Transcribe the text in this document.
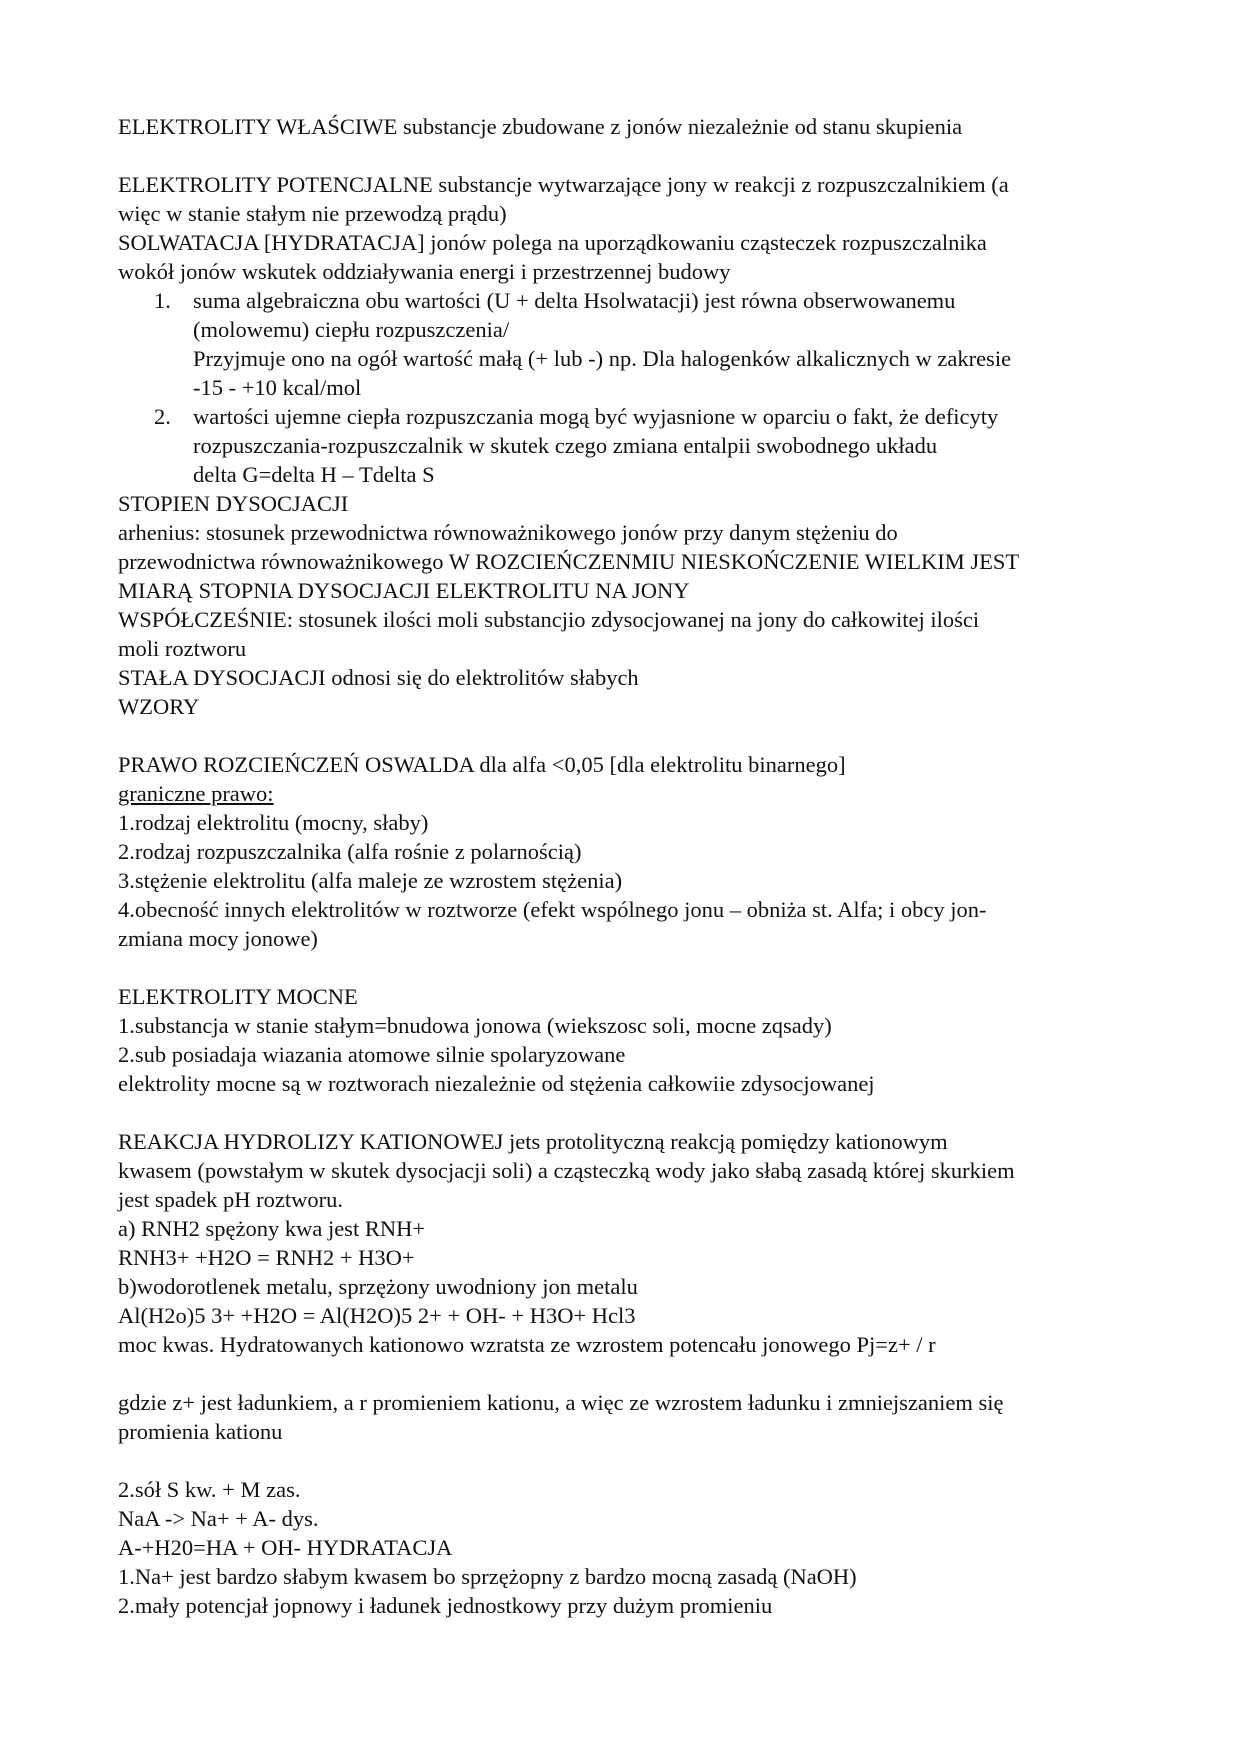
ELEKTROLITY WŁAŚCIWE substancje zbudowane z jonów niezależnie od stanu skupienia
ELEKTROLITY POTENCJALNE substancje wytwarzające jony w reakcji z rozpuszczalnikiem (a
więc w stanie stałym nie przewodzą prądu)
SOLWATACJA [HYDRATACJA] jonów polega na uporządkowaniu cząsteczek rozpuszczalnika
wokół jonów wskutek oddziaływania energi i przestrzennej budowy
1. suma algebraiczna obu wartości (U + delta Hsolwatacji) jest równa obserwowanemu
(molowemu) ciepłu rozpuszczenia/
Przyjmuje ono na ogół wartość małą (+ lub -) np. Dla halogenków alkalicznych w zakresie
-15 - +10 kcal/mol
2. wartości ujemne ciepła rozpuszczania mogą być wyjasnione w oparciu o fakt, że deficyty
rozpuszczania-rozpuszczalnik w skutek czego zmiana entalpii swobodnego układu
delta G=delta H – Tdelta S
STOPIEN DYSOCJACJI
arhenius: stosunek przewodnictwa równoważnikowego jonów przy danym stężeniu do
przewodnictwa równoważnikowego W ROZCIEŃCZENMIU NIESKOŃCZENIE WIELKIM JEST
MIARĄ STOPNIA DYSOCJACJI ELEKTROLITU NA JONY
WSPÓŁCZEŚNIE: stosunek ilości moli substancjio zdysocjowanej na jony do całkowitej ilości
moli roztworu
STAŁA DYSOCJACJI odnosi się do elektrolitów słabych
WZORY
PRAWO ROZCIEŃCZEŃ OSWALDA dla alfa <0,05 [dla elektrolitu binarnego]
graniczne prawo:
1.rodzaj elektrolitu (mocny, słaby)
2.rodzaj rozpuszczalnika (alfa rośnie z polarnością)
3.stężenie elektrolitu (alfa maleje ze wzrostem stężenia)
4.obecność innych elektrolitów w roztworze (efekt wspólnego jonu – obniża st. Alfa; i obcy jon-
zmiana mocy jonowe)
ELEKTROLITY MOCNE
1.substancja w stanie stałym=bnudowa jonowa (wiekszosc soli, mocne zqsady)
2.sub posiadaja wiazania atomowe silnie spolaryzowane
elektrolity mocne są w roztworach niezależnie od stężenia całkowiie zdysocjowanej
REAKCJA HYDROLIZY KATIONOWEJ jets protolityczną reakcją pomiędzy kationowym
kwasem (powstałym w skutek dysocjacji soli) a cząsteczką wody jako słabą zasadą której skurkiem
jest spadek pH roztworu.
a) RNH2 spężony kwa jest RNH+
RNH3+ +H2O = RNH2 + H3O+
b)wodorotlenek metalu, sprzężony uwodniony jon metalu
Al(H2o)5 3+ +H2O = Al(H2O)5 2+ + OH- + H3O+ Hcl3
moc kwas. Hydratowanych kationowo wzratsta ze wzrostem potencału jonowego Pj=z+ / r
gdzie z+ jest ładunkiem, a r promieniem kationu, a więc ze wzrostem ładunku i zmniejszaniem się
promienia kationu
2.sół S kw. + M zas.
NaA -> Na+ + A- dys.
A-+H20=HA + OH- HYDRATACJA
1.Na+ jest bardzo słabym kwasem bo sprzężopny z bardzo mocną zasadą (NaOH)
2.mały potencjał jopnowy i ładunek jednostkowy przy dużym promieniu
